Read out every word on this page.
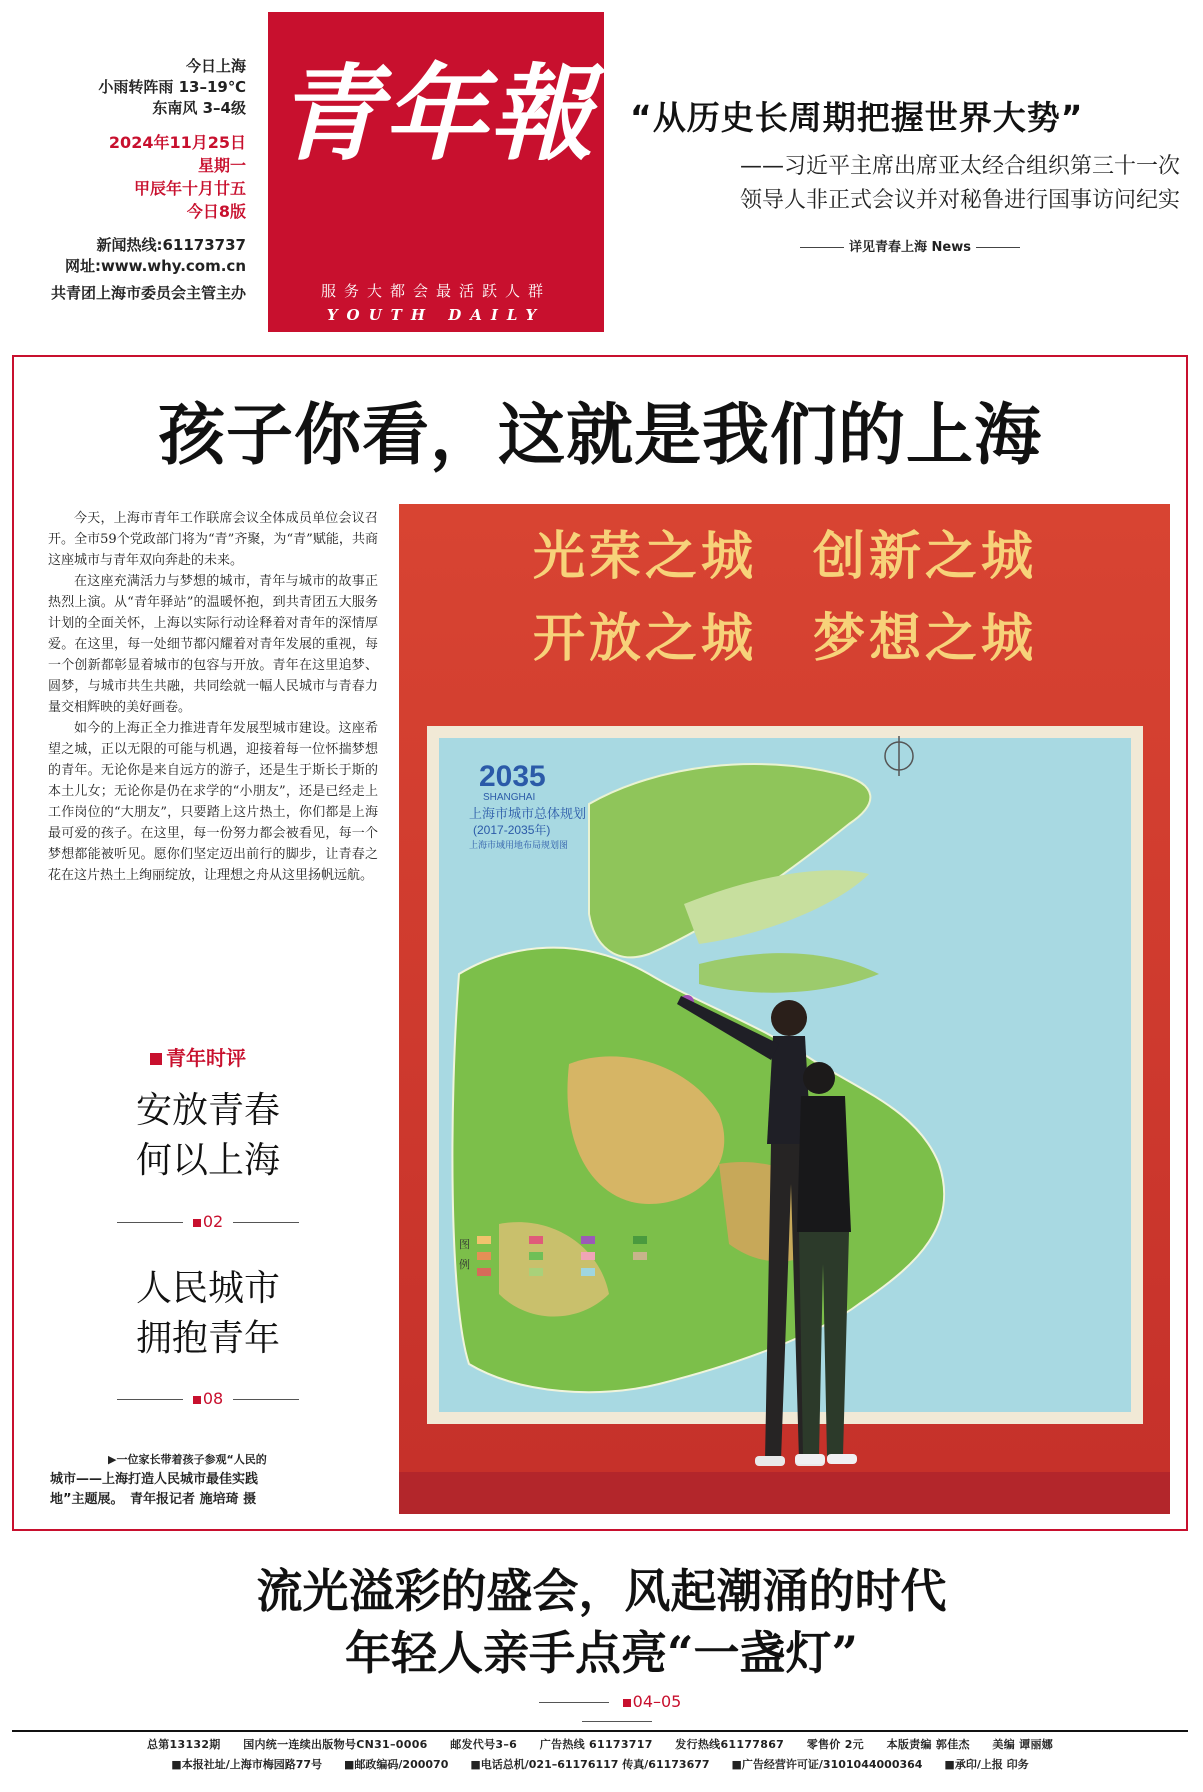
今日上海
小雨转阵雨 13–19℃
东南风 3–4级
2024年11月25日
星期一
甲辰年十月廿五
今日8版
新闻热线:61173737
网址:www.why.com.cn
共青团上海市委员会主管主办
青年報
服务大都会最活跃人群
YOUTH DAILY
“从历史长周期把握世界大势”
——习近平主席出席亚太经合组织第三十一次
领导人非正式会议并对秘鲁进行国事访问纪实
详见青春上海 News
孩子你看，这就是我们的上海

今天，上海市青年工作联席会议全体成员单位会议召开。全市59个党政部门将为“青”齐聚，为“青”赋能，共商这座城市与青年双向奔赴的未来。

在这座充满活力与梦想的城市，青年与城市的故事正热烈上演。从“青年驿站”的温暖怀抱，到共青团五大服务计划的全面关怀，上海以实际行动诠释着对青年的深情厚爱。在这里，每一处细节都闪耀着对青年发展的重视，每一个创新都彰显着城市的包容与开放。青年在这里追梦、圆梦，与城市共生共融，共同绘就一幅人民城市与青春力量交相辉映的美好画卷。

如今的上海正全力推进青年发展型城市建设。这座希望之城，正以无限的可能与机遇，迎接着每一位怀揣梦想的青年。无论你是来自远方的游子，还是生于斯长于斯的本土儿女；无论你是仍在求学的“小朋友”，还是已经走上工作岗位的“大朋友”，只要踏上这片热土，你们都是上海最可爱的孩子。在这里，每一份努力都会被看见，每一个梦想都能被听见。愿你们坚定迈出前行的脚步，让青春之花在这片热土上绚丽绽放，让理想之舟从这里扬帆远航。

青年时评
安放青春
何以上海
02
人民城市
拥抱青年
08
▶一位家长带着孩子参观“人民的
城市——上海打造人民城市最佳实践
地”主题展。　青年报记者 施培琦 摄
光荣之城　创新之城
开放之城　梦想之城
2035
SHANGHAI
上海市城市总体规划
(2017-2035年)
上海市域用地布局规划图
图
例
流光溢彩的盛会，风起潮涌的时代
年轻人亲手点亮“一盏灯”
04–05
总第13132期　　国内统一连续出版物号CN31–0006　　邮发代号3–6　　广告热线 61173717　　发行热线61177867　　零售价 2元　　本版责编 郭佳杰　　美编 谭丽娜
■本报社址/上海市梅园路77号　　■邮政编码/200070　　■电话总机/021–61176117 传真/61173677　　■广告经营许可证/3101044000364　　■承印/上报 印务
